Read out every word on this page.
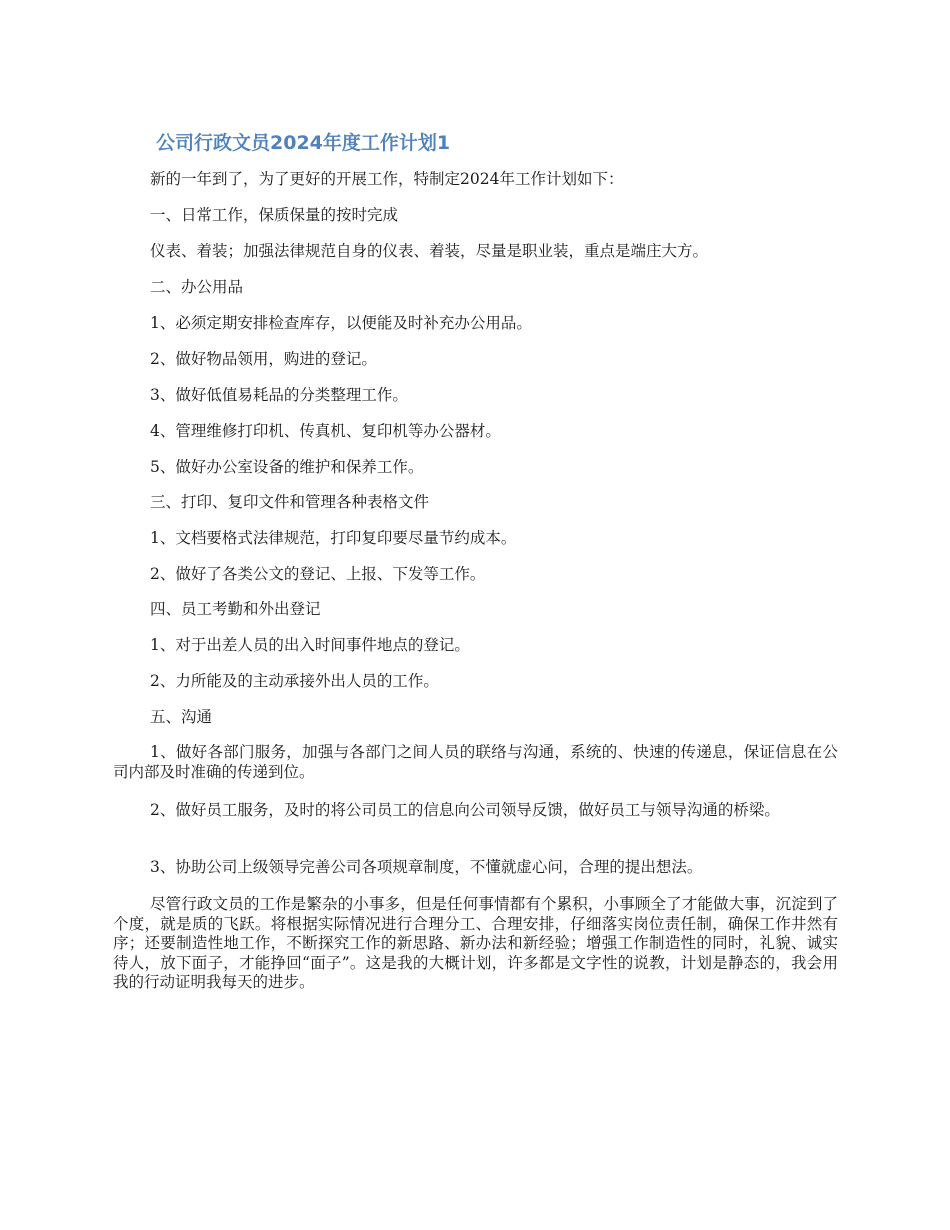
公司行政文员2024年度工作计划1
新的一年到了，为了更好的开展工作，特制定2024年工作计划如下：
一、日常工作，保质保量的按时完成
仪表、着装；加强法律规范自身的仪表、着装，尽量是职业装，重点是端庄大方。
二、办公用品
1、必须定期安排检查库存，以便能及时补充办公用品。
2、做好物品领用，购进的登记。
3、做好低值易耗品的分类整理工作。
4、管理维修打印机、传真机、复印机等办公器材。
5、做好办公室设备的维护和保养工作。
三、打印、复印文件和管理各种表格文件
1、文档要格式法律规范，打印复印要尽量节约成本。
2、做好了各类公文的登记、上报、下发等工作。
四、员工考勤和外出登记
1、对于出差人员的出入时间事件地点的登记。
2、力所能及的主动承接外出人员的工作。
五、沟通
1、做好各部门服务，加强与各部门之间人员的联络与沟通，系统的、快速的传递息，保证信息在公司内部及时准确的传递到位。
2、做好员工服务，及时的将公司员工的信息向公司领导反馈，做好员工与领导沟通的桥梁。
3、协助公司上级领导完善公司各项规章制度，不懂就虚心问，合理的提出想法。
尽管行政文员的工作是繁杂的小事多，但是任何事情都有个累积，小事顾全了才能做大事，沉淀到了个度，就是质的飞跃。将根据实际情况进行合理分工、合理安排，仔细落实岗位责任制，确保工作井然有序；还要制造性地工作，不断探究工作的新思路、新办法和新经验；增强工作制造性的同时，礼貌、诚实待人，放下面子，才能挣回“面子”。这是我的大概计划，许多都是文字性的说教，计划是静态的，我会用我的行动证明我每天的进步。
